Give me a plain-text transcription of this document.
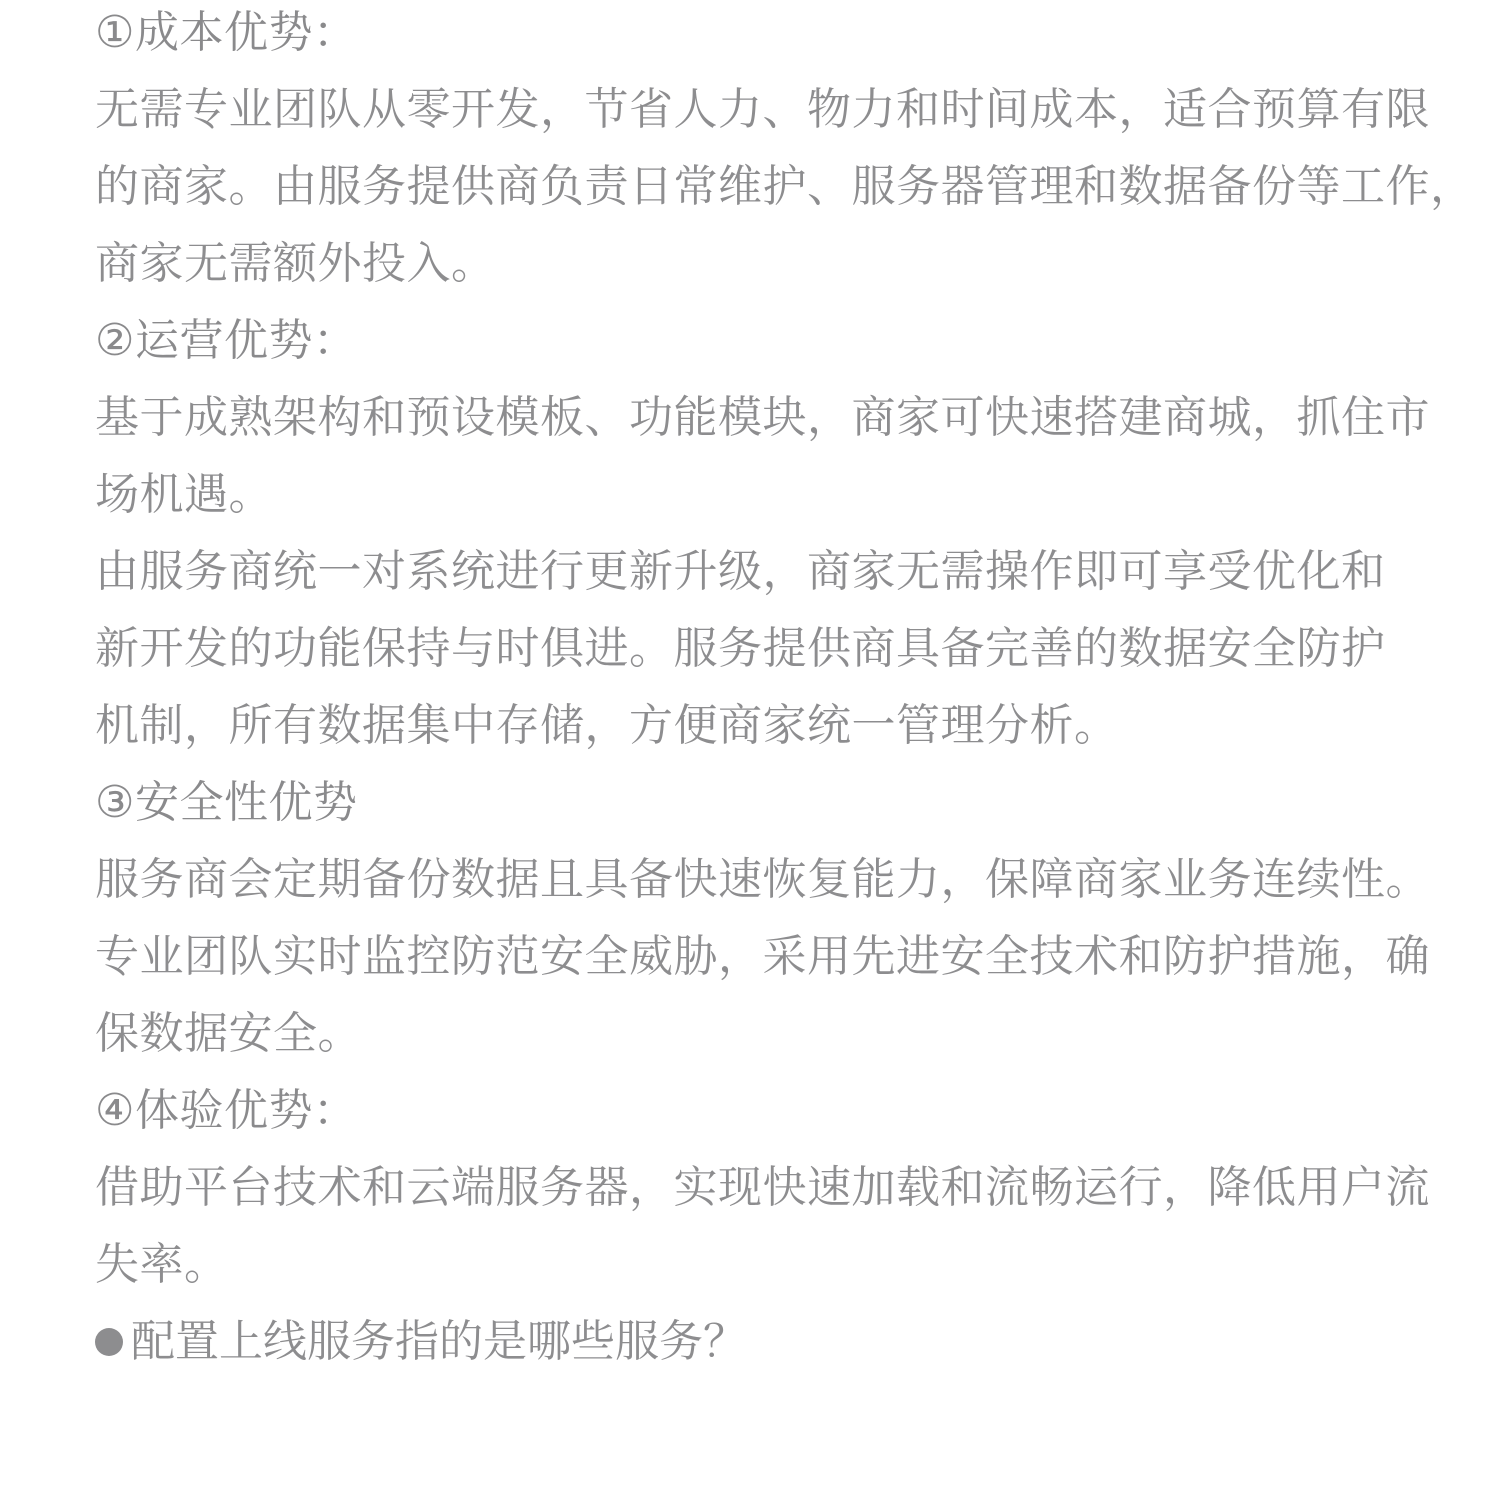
①成本优势：
无需专业团队从零开发，节省人力、物力和时间成本，适合预算有限
的商家。由服务提供商负责日常维护、服务器管理和数据备份等工作，
商家无需额外投入。
②运营优势：
基于成熟架构和预设模板、功能模块，商家可快速搭建商城，抓住市
场机遇。
由服务商统一对系统进行更新升级，商家无需操作即可享受优化和
新开发的功能保持与时俱进。服务提供商具备完善的数据安全防护
机制，所有数据集中存储，方便商家统一管理分析。
③安全性优势
服务商会定期备份数据且具备快速恢复能力，保障商家业务连续性。
专业团队实时监控防范安全威胁，采用先进安全技术和防护措施，确
保数据安全。
④体验优势：
借助平台技术和云端服务器，实现快速加载和流畅运行，降低用户流
失率。
配置上线服务指的是哪些服务？
